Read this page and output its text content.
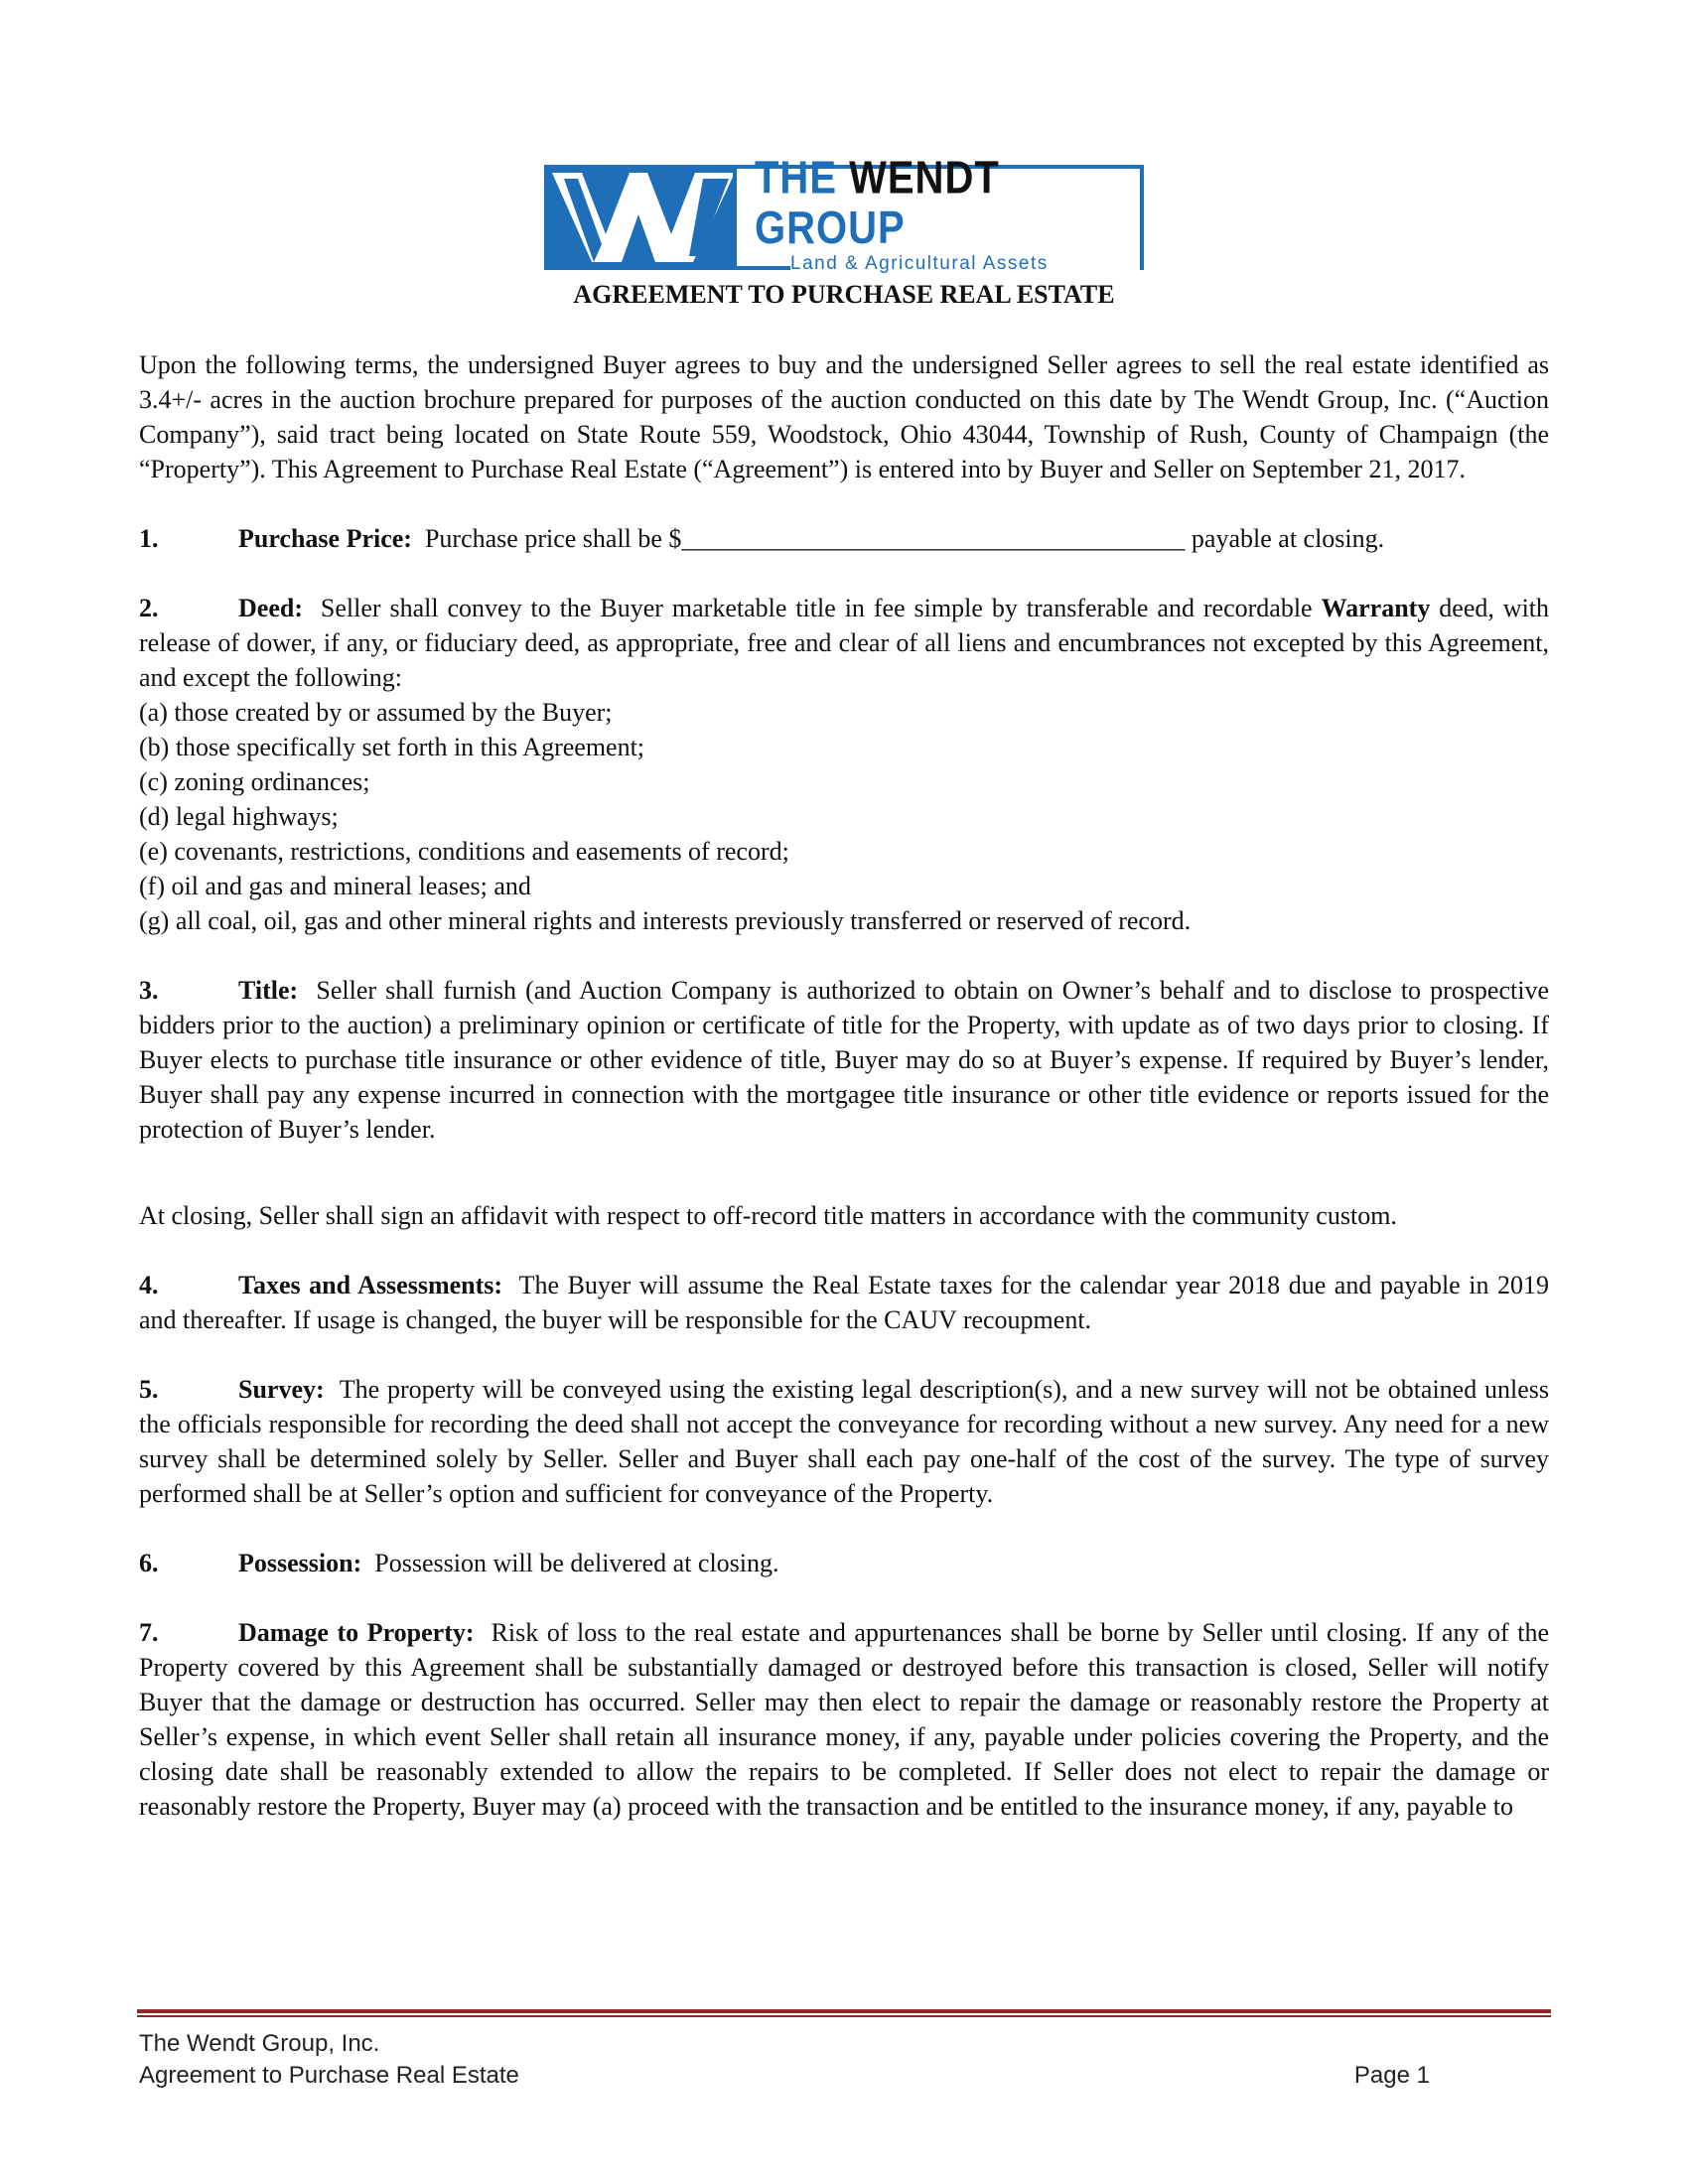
THE WENDT GROUP
Land & Agricultural Assets
AGREEMENT TO PURCHASE REAL ESTATE

Upon the following terms, the undersigned Buyer agrees to buy and the undersigned Seller agrees to sell the real estate identified as 3.4+/- acres in the auction brochure prepared for purposes of the auction conducted on this date by The Wendt Group, Inc. (“Auction Company”), said tract being located on State Route 559, Woodstock, Ohio 43044, Township of Rush, County of Champaign (the “Property”). This Agreement to Purchase Real Estate (“Agreement”) is entered into by Buyer and Seller on September 21, 2017.

1.	Purchase Price: Purchase price shall be $_______________________________________ payable at closing.

2.	Deed: Seller shall convey to the Buyer marketable title in fee simple by transferable and recordable Warranty deed, with release of dower, if any, or fiduciary deed, as appropriate, free and clear of all liens and encumbrances not excepted by this Agreement, and except the following:

(a) those created by or assumed by the Buyer;

(b) those specifically set forth in this Agreement;

(c) zoning ordinances;

(d) legal highways;

(e) covenants, restrictions, conditions and easements of record;

(f) oil and gas and mineral leases; and

(g) all coal, oil, gas and other mineral rights and interests previously transferred or reserved of record.

3.	Title: Seller shall furnish (and Auction Company is authorized to obtain on Owner’s behalf and to disclose to prospective bidders prior to the auction) a preliminary opinion or certificate of title for the Property, with update as of two days prior to closing. If Buyer elects to purchase title insurance or other evidence of title, Buyer may do so at Buyer’s expense. If required by Buyer’s lender, Buyer shall pay any expense incurred in connection with the mortgagee title insurance or other title evidence or reports issued for the protection of Buyer’s lender.

At closing, Seller shall sign an affidavit with respect to off-record title matters in accordance with the community custom.

4.	Taxes and Assessments: The Buyer will assume the Real Estate taxes for the calendar year 2018 due and payable in 2019 and thereafter. If usage is changed, the buyer will be responsible for the CAUV recoupment.

5.	Survey: The property will be conveyed using the existing legal description(s), and a new survey will not be obtained unless the officials responsible for recording the deed shall not accept the conveyance for recording without a new survey. Any need for a new survey shall be determined solely by Seller. Seller and Buyer shall each pay one-half of the cost of the survey. The type of survey performed shall be at Seller’s option and sufficient for conveyance of the Property.

6.	Possession: Possession will be delivered at closing.

7.	Damage to Property: Risk of loss to the real estate and appurtenances shall be borne by Seller until closing. If any of the Property covered by this Agreement shall be substantially damaged or destroyed before this transaction is closed, Seller will notify Buyer that the damage or destruction has occurred. Seller may then elect to repair the damage or reasonably restore the Property at Seller’s expense, in which event Seller shall retain all insurance money, if any, payable under policies covering the Property, and the closing date shall be reasonably extended to allow the repairs to be completed. If Seller does not elect to repair the damage or reasonably restore the Property, Buyer may (a) proceed with the transaction and be entitled to the insurance money, if any, payable to

The Wendt Group, Inc.
Agreement to Purchase Real Estate	Page 1
